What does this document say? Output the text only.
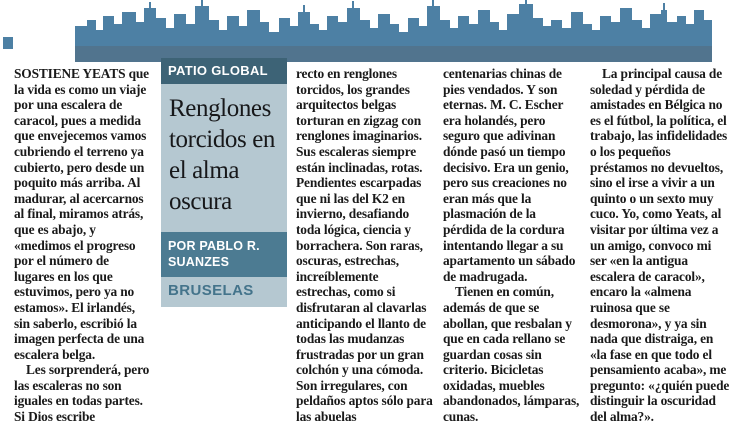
SOSTIENE YEATS que la vida es como un viaje por una escalera de caracol, pues a medida que envejecemos vamos cubriendo el terreno ya cubierto, pero desde un poquito más arriba. Al madurar, al acercarnos al final, miramos atrás, que es abajo, y «medimos el progreso por el número de lugares en los que estuvimos, pero ya no estamos». El irlandés, sin saberlo, escribió la imagen perfecta de una escalera belga.

Les sorprenderá, pero las escaleras no son iguales en todas partes. Si Dios escribe

PATIO GLOBAL
Renglones torcidos en el alma oscura
POR PABLO R. SUANZES
BRUSELAS

recto en renglones torcidos, los grandes arquitectos belgas torturan en zigzag con renglones imaginarios. Sus escaleras siempre están inclinadas, rotas. Pendientes escarpadas que ni las del K2 en invierno, desafiando toda lógica, ciencia y borrachera. Son raras, oscuras, estrechas, increíblemente estrechas, como si disfrutaran al clavarlas anticipando el llanto de todas las mudanzas frustradas por un gran colchón y una cómoda. Son irregulares, con peldaños aptos sólo para las abuelas

centenarias chinas de pies vendados. Y son eternas. M. C. Escher era holandés, pero seguro que adivinan dónde pasó un tiempo decisivo. Era un genio, pero sus creaciones no eran más que la plasmación de la pérdida de la cordura intentando llegar a su apartamento un sábado de madrugada.

Tienen en común, además de que se abollan, que resbalan y que en cada rellano se guardan cosas sin criterio. Bicicletas oxidadas, muebles abandonados, lámparas, cunas.

La principal causa de soledad y pérdida de amistades en Bélgica no es el fútbol, la política, el trabajo, las infidelidades o los pequeños préstamos no devueltos, sino el irse a vivir a un quinto o un sexto muy cuco. Yo, como Yeats, al visitar por última vez a un amigo, convoco mi ser «en la antigua escalera de caracol», encaro la «almena ruinosa que se desmorona», y ya sin nada que distraiga, en «la fase en que todo el pensamiento acaba», me pregunto: «¿quién puede distinguir la oscuridad del alma?».
